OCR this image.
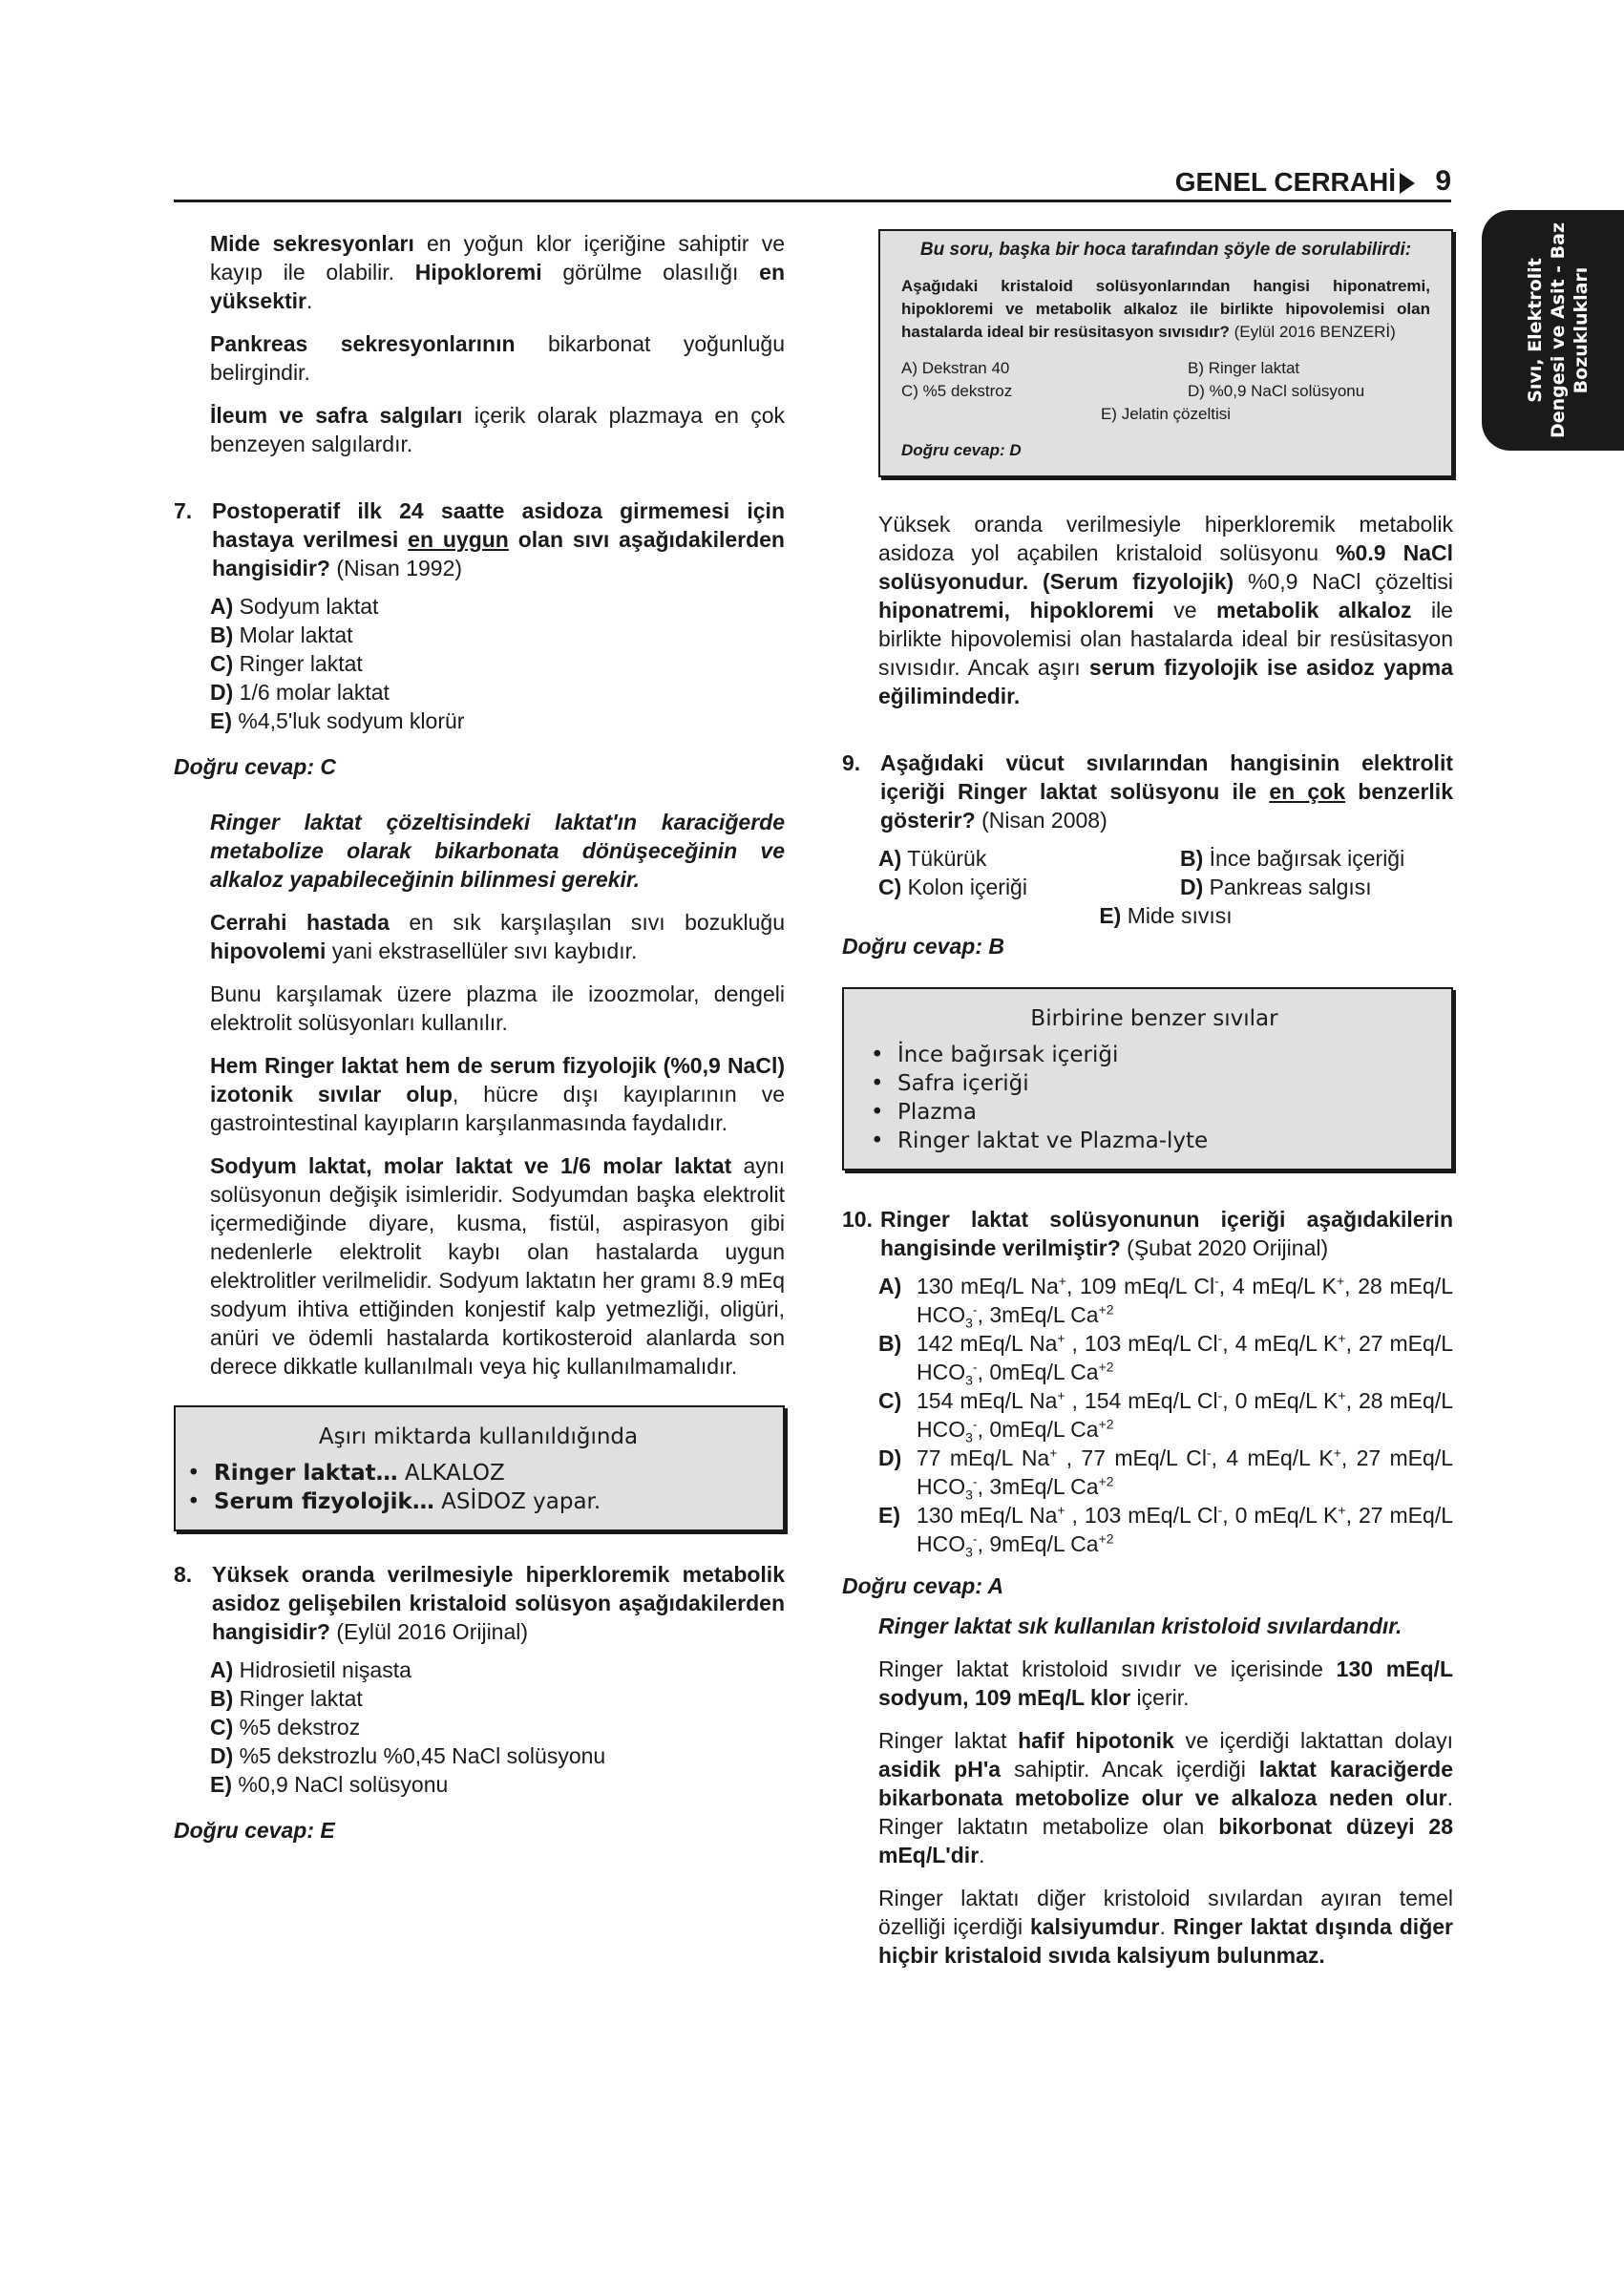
GENEL CERRAHİ 9
Sıvı, Elektrolit Dengesi ve Asit - Baz Bozuklukları

Mide sekresyonları en yoğun klor içeriğine sahiptir ve kayıp ile olabilir. Hipokloremi görülme olasılığı en yüksektir.

Pankreas sekresyonlarının bikarbonat yoğunluğu belirgindir.

İleum ve safra salgıları içerik olarak plazmaya en çok benzeyen salgılardır.

7. Postoperatif ilk 24 saatte asidoza girmemesi için hastaya verilmesi en uygun olan sıvı aşağıdakilerden hangisidir? (Nisan 1992)
A) Sodyum laktat
B) Molar laktat
C) Ringer laktat
D) 1/6 molar laktat
E) %4,5'luk sodyum klorür
Doğru cevap: C

Ringer laktat çözeltisindeki laktat'ın karaciğerde metabolize olarak bikarbonata dönüşeceğinin ve alkaloz yapabileceğinin bilinmesi gerekir.

Cerrahi hastada en sık karşılaşılan sıvı bozukluğu hipovolemi yani ekstrasellüler sıvı kaybıdır.

Bunu karşılamak üzere plazma ile izoozmolar, dengeli elektrolit solüsyonları kullanılır.

Hem Ringer laktat hem de serum fizyolojik (%0,9 NaCl) izotonik sıvılar olup, hücre dışı kayıplarının ve gastrointestinal kayıpların karşılanmasında faydalıdır.

Sodyum laktat, molar laktat ve 1/6 molar laktat aynı solüsyonun değişik isimleridir. Sodyumdan başka elektrolit içermediğinde diyare, kusma, fistül, aspirasyon gibi nedenlerle elektrolit kaybı olan hastalarda uygun elektrolitler verilmelidir. Sodyum laktatın her gramı 8.9 mEq sodyum ihtiva ettiğinden konjestif kalp yetmezliği, oligüri, anüri ve ödemli hastalarda kortikosteroid alanlarda son derece dikkatle kullanılmalı veya hiç kullanılmamalıdır.

Aşırı miktarda kullanıldığında
• Ringer laktat… ALKALOZ
• Serum fizyolojik… ASİDOZ yapar.
8. Yüksek oranda verilmesiyle hiperkloremik metabolik asidoz gelişebilen kristaloid solüsyon aşağıdakilerden hangisidir? (Eylül 2016 Orijinal)
A) Hidrosietil nişasta
B) Ringer laktat
C) %5 dekstroz
D) %5 dekstrozlu %0,45 NaCl solüsyonu
E) %0,9 NaCl solüsyonu
Doğru cevap: E
Bu soru, başka bir hoca tarafından şöyle de sorulabilirdi:
Aşağıdaki kristaloid solüsyonlarından hangisi hiponatremi, hipokloremi ve metabolik alkaloz ile birlikte hipovolemisi olan hastalarda ideal bir resüsitasyon sıvısıdır? (Eylül 2016 BENZERİ)
A) Dekstran 40	B) Ringer laktat
C) %5 dekstroz	D) %0,9 NaCl solüsyonu
E) Jelatin çözeltisi
Doğru cevap: D

Yüksek oranda verilmesiyle hiperkloremik metabolik asidoza yol açabilen kristaloid solüsyonu %0.9 NaCl solüsyonudur. (Serum fizyolojik) %0,9 NaCl çözeltisi hiponatremi, hipokloremi ve metabolik alkaloz ile birlikte hipovolemisi olan hastalarda ideal bir resüsitasyon sıvısıdır. Ancak aşırı serum fizyolojik ise asidoz yapma eğilimindedir.

9. Aşağıdaki vücut sıvılarından hangisinin elektrolit içeriği Ringer laktat solüsyonu ile en çok benzerlik gösterir? (Nisan 2008)
A) Tükürük	B) İnce bağırsak içeriği
C) Kolon içeriği	D) Pankreas salgısı
E) Mide sıvısı
Doğru cevap: B
Birbirine benzer sıvılar
• İnce bağırsak içeriği
• Safra içeriği
• Plazma
• Ringer laktat ve Plazma-lyte
10. Ringer laktat solüsyonunun içeriği aşağıdakilerin hangisinde verilmiştir? (Şubat 2020 Orijinal)
A) 130 mEq/L Na+, 109 mEq/L Cl-, 4 mEq/L K+, 28 mEq/L $HCO_3^-$, 3mEq/L $Ca^{+2}$
B) 142 mEq/L Na+ , 103 mEq/L Cl-, 4 mEq/L K+, 27 mEq/L $HCO_3^-$, 0mEq/L $Ca^{+2}$
C) 154 mEq/L Na+ , 154 mEq/L Cl-, 0 mEq/L K+, 28 mEq/L $HCO_3^-$, 0mEq/L $Ca^{+2}$
D) 77 mEq/L Na+ , 77 mEq/L Cl-, 4 mEq/L K+, 27 mEq/L $HCO_3^-$, 3mEq/L $Ca^{+2}$
E) 130 mEq/L Na+ , 103 mEq/L Cl-, 0 mEq/L K+, 27 mEq/L $HCO_3^-$, 9mEq/L $Ca^{+2}$
Doğru cevap: A

Ringer laktat sık kullanılan kristoloid sıvılardandır.

Ringer laktat kristoloid sıvıdır ve içerisinde 130 mEq/L sodyum, 109 mEq/L klor içerir.

Ringer laktat hafif hipotonik ve içerdiği laktattan dolayı asidik pH'a sahiptir. Ancak içerdiği laktat karaciğerde bikarbonata metobolize olur ve alkaloza neden olur. Ringer laktatın metabolize olan bikorbonat düzeyi 28 mEq/L'dir.

Ringer laktatı diğer kristoloid sıvılardan ayıran temel özelliği içerdiği kalsiyumdur. Ringer laktat dışında diğer hiçbir kristaloid sıvıda kalsiyum bulunmaz.
